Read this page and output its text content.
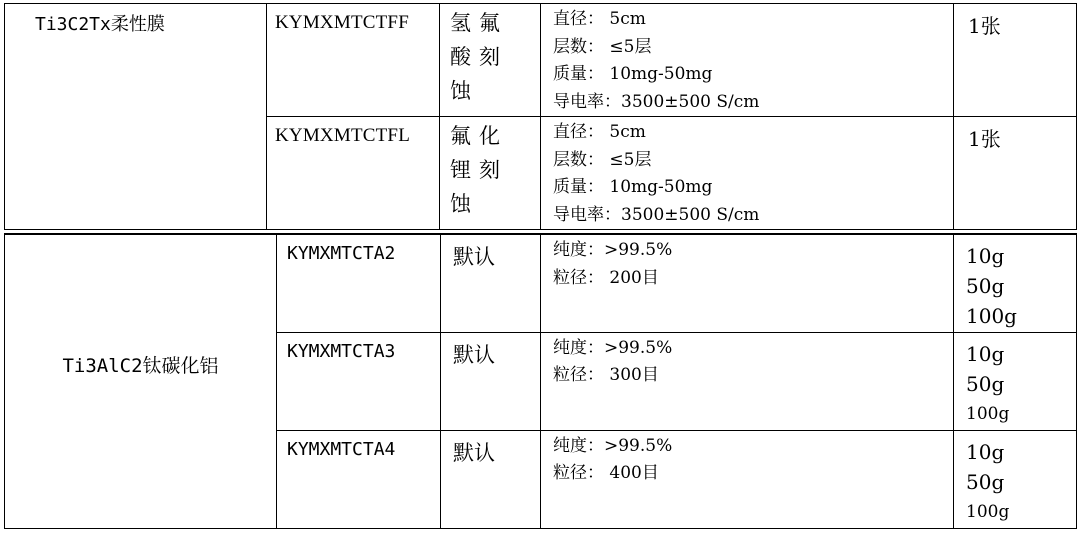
Ti3C2Tx柔性膜	KYMXMTCTFF	氢氟
酸刻
蚀	直径： 5cm
层数： ≤5层
质量： 10mg-50mg
导电率：3500±500 S/cm	1张
	KYMXMTCTFL	氟化
锂刻
蚀	直径： 5cm
层数： ≤5层
质量： 10mg-50mg
导电率：3500±500 S/cm	1张
Ti3AlC2钛碳化铝	KYMXMTCTA2	默认	纯度：>99.5%
粒径： 200目	10g
50g
100g

	KYMXMTCTA3	默认	纯度：>99.5%
粒径： 300目	10g
50g
100g

	KYMXMTCTA4	默认	纯度：>99.5%
粒径： 400目	10g
50g
100g
